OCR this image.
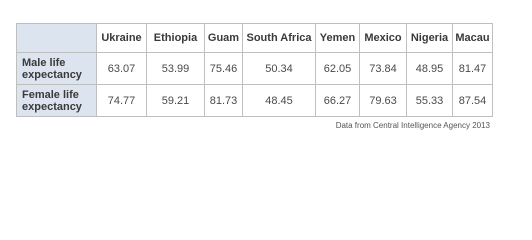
	Ukraine	Ethiopia	Guam	South Africa	Yemen	Mexico	Nigeria	Macau
Male life expectancy	63.07	53.99	75.46	50.34	62.05	73.84	48.95	81.47
Female life expectancy	74.77	59.21	81.73	48.45	66.27	79.63	55.33	87.54
Data from Central Intelligence Agency 2013
